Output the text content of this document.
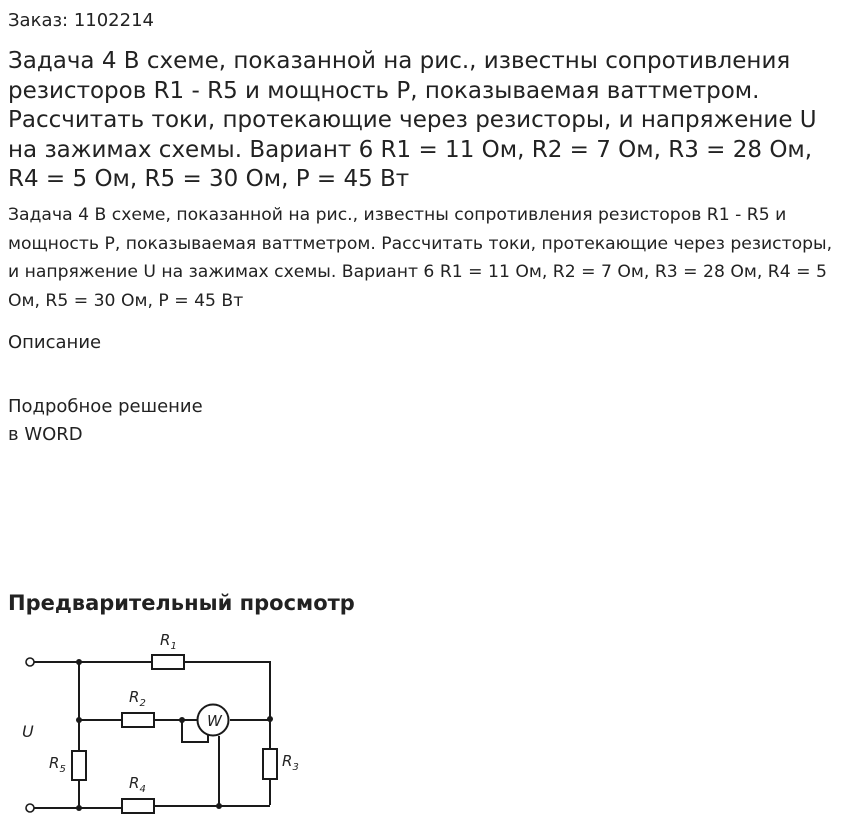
Заказ: 1102214
Задача 4 В схеме, показанной на рис., известны сопротивления резисторов R1 - R5 и мощность P, показываемая ваттметром. Рассчитать токи, протекающие через резисторы, и напряжение U на зажимах схемы. Вариант 6 R1 = 11 Ом, R2 = 7 Ом, R3 = 28 Ом, R4 = 5 Ом, R5 = 30 Ом, P = 45 Вт
Задача 4 В схеме, показанной на рис., известны сопротивления резисторов R1 - R5 и мощность P, показываемая ваттметром. Рассчитать токи, протекающие через резисторы, и напряжение U на зажимах схемы. Вариант 6 R1 = 11 Ом, R2 = 7 Ом, R3 = 28 Ом, R4 = 5 Ом, R5 = 30 Ом, P = 45 Вт
Описание
Подробное решение
в WORD
Предварительный просмотр
W
$R_1$
$R_2$
$R_3$
$R_4$
$R_5$
U
